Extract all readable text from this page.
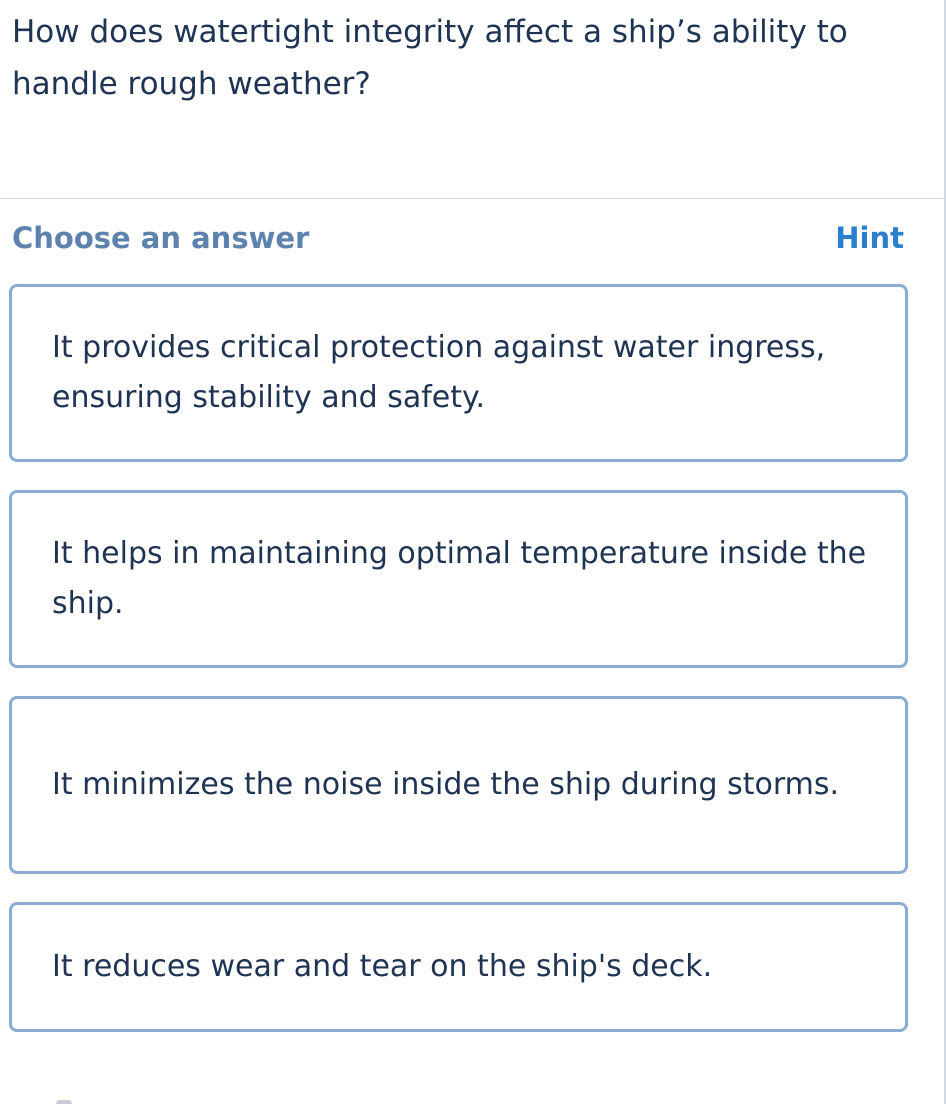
How does watertight integrity affect a ship’s ability to handle rough weather?

Choose an answer	Hint
It provides critical protection against water ingress, ensuring stability and safety.
It helps in maintaining optimal temperature inside the ship.
It minimizes the noise inside the ship during storms.
It reduces wear and tear on the ship's deck.
